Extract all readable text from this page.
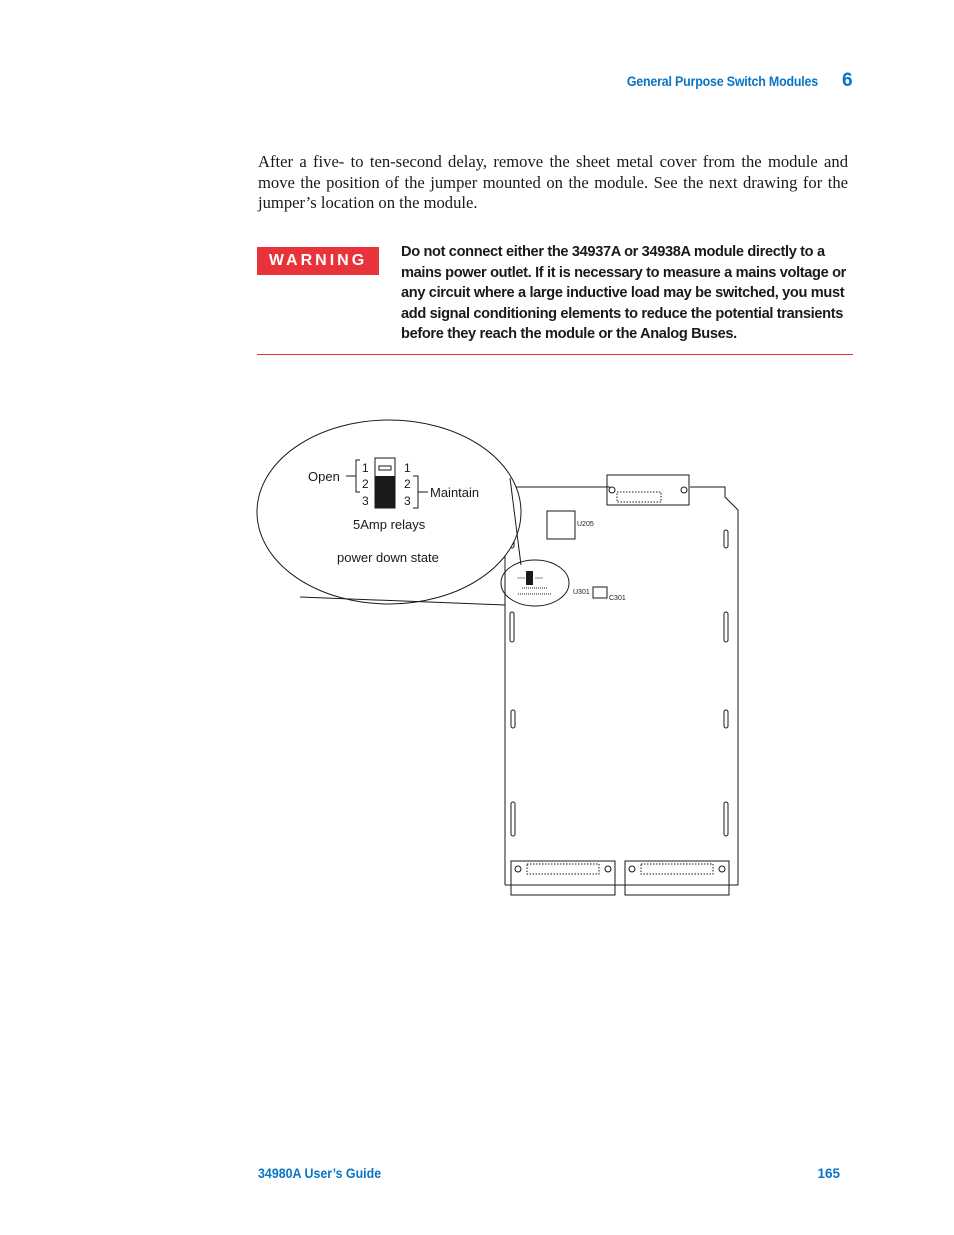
General Purpose Switch Modules 6

After a five- to ten-second delay, remove the sheet metal cover from the module and move the position of the jumper mounted on the module. See the next drawing for the jumper’s location on the module.

WARNING	Do not connect either the 34937A or 34938A module directly to a mains power outlet. If it is necessary to measure a mains voltage or any circuit where a large inductive load may be switched, you must add signal conditioning elements to reduce the potential transients before they reach the module or the Analog Buses.

U205
U301
C301
1
2
3
1
2
3
Open
Maintain
5Amp relays
power down state
34980A User’s Guide	165
